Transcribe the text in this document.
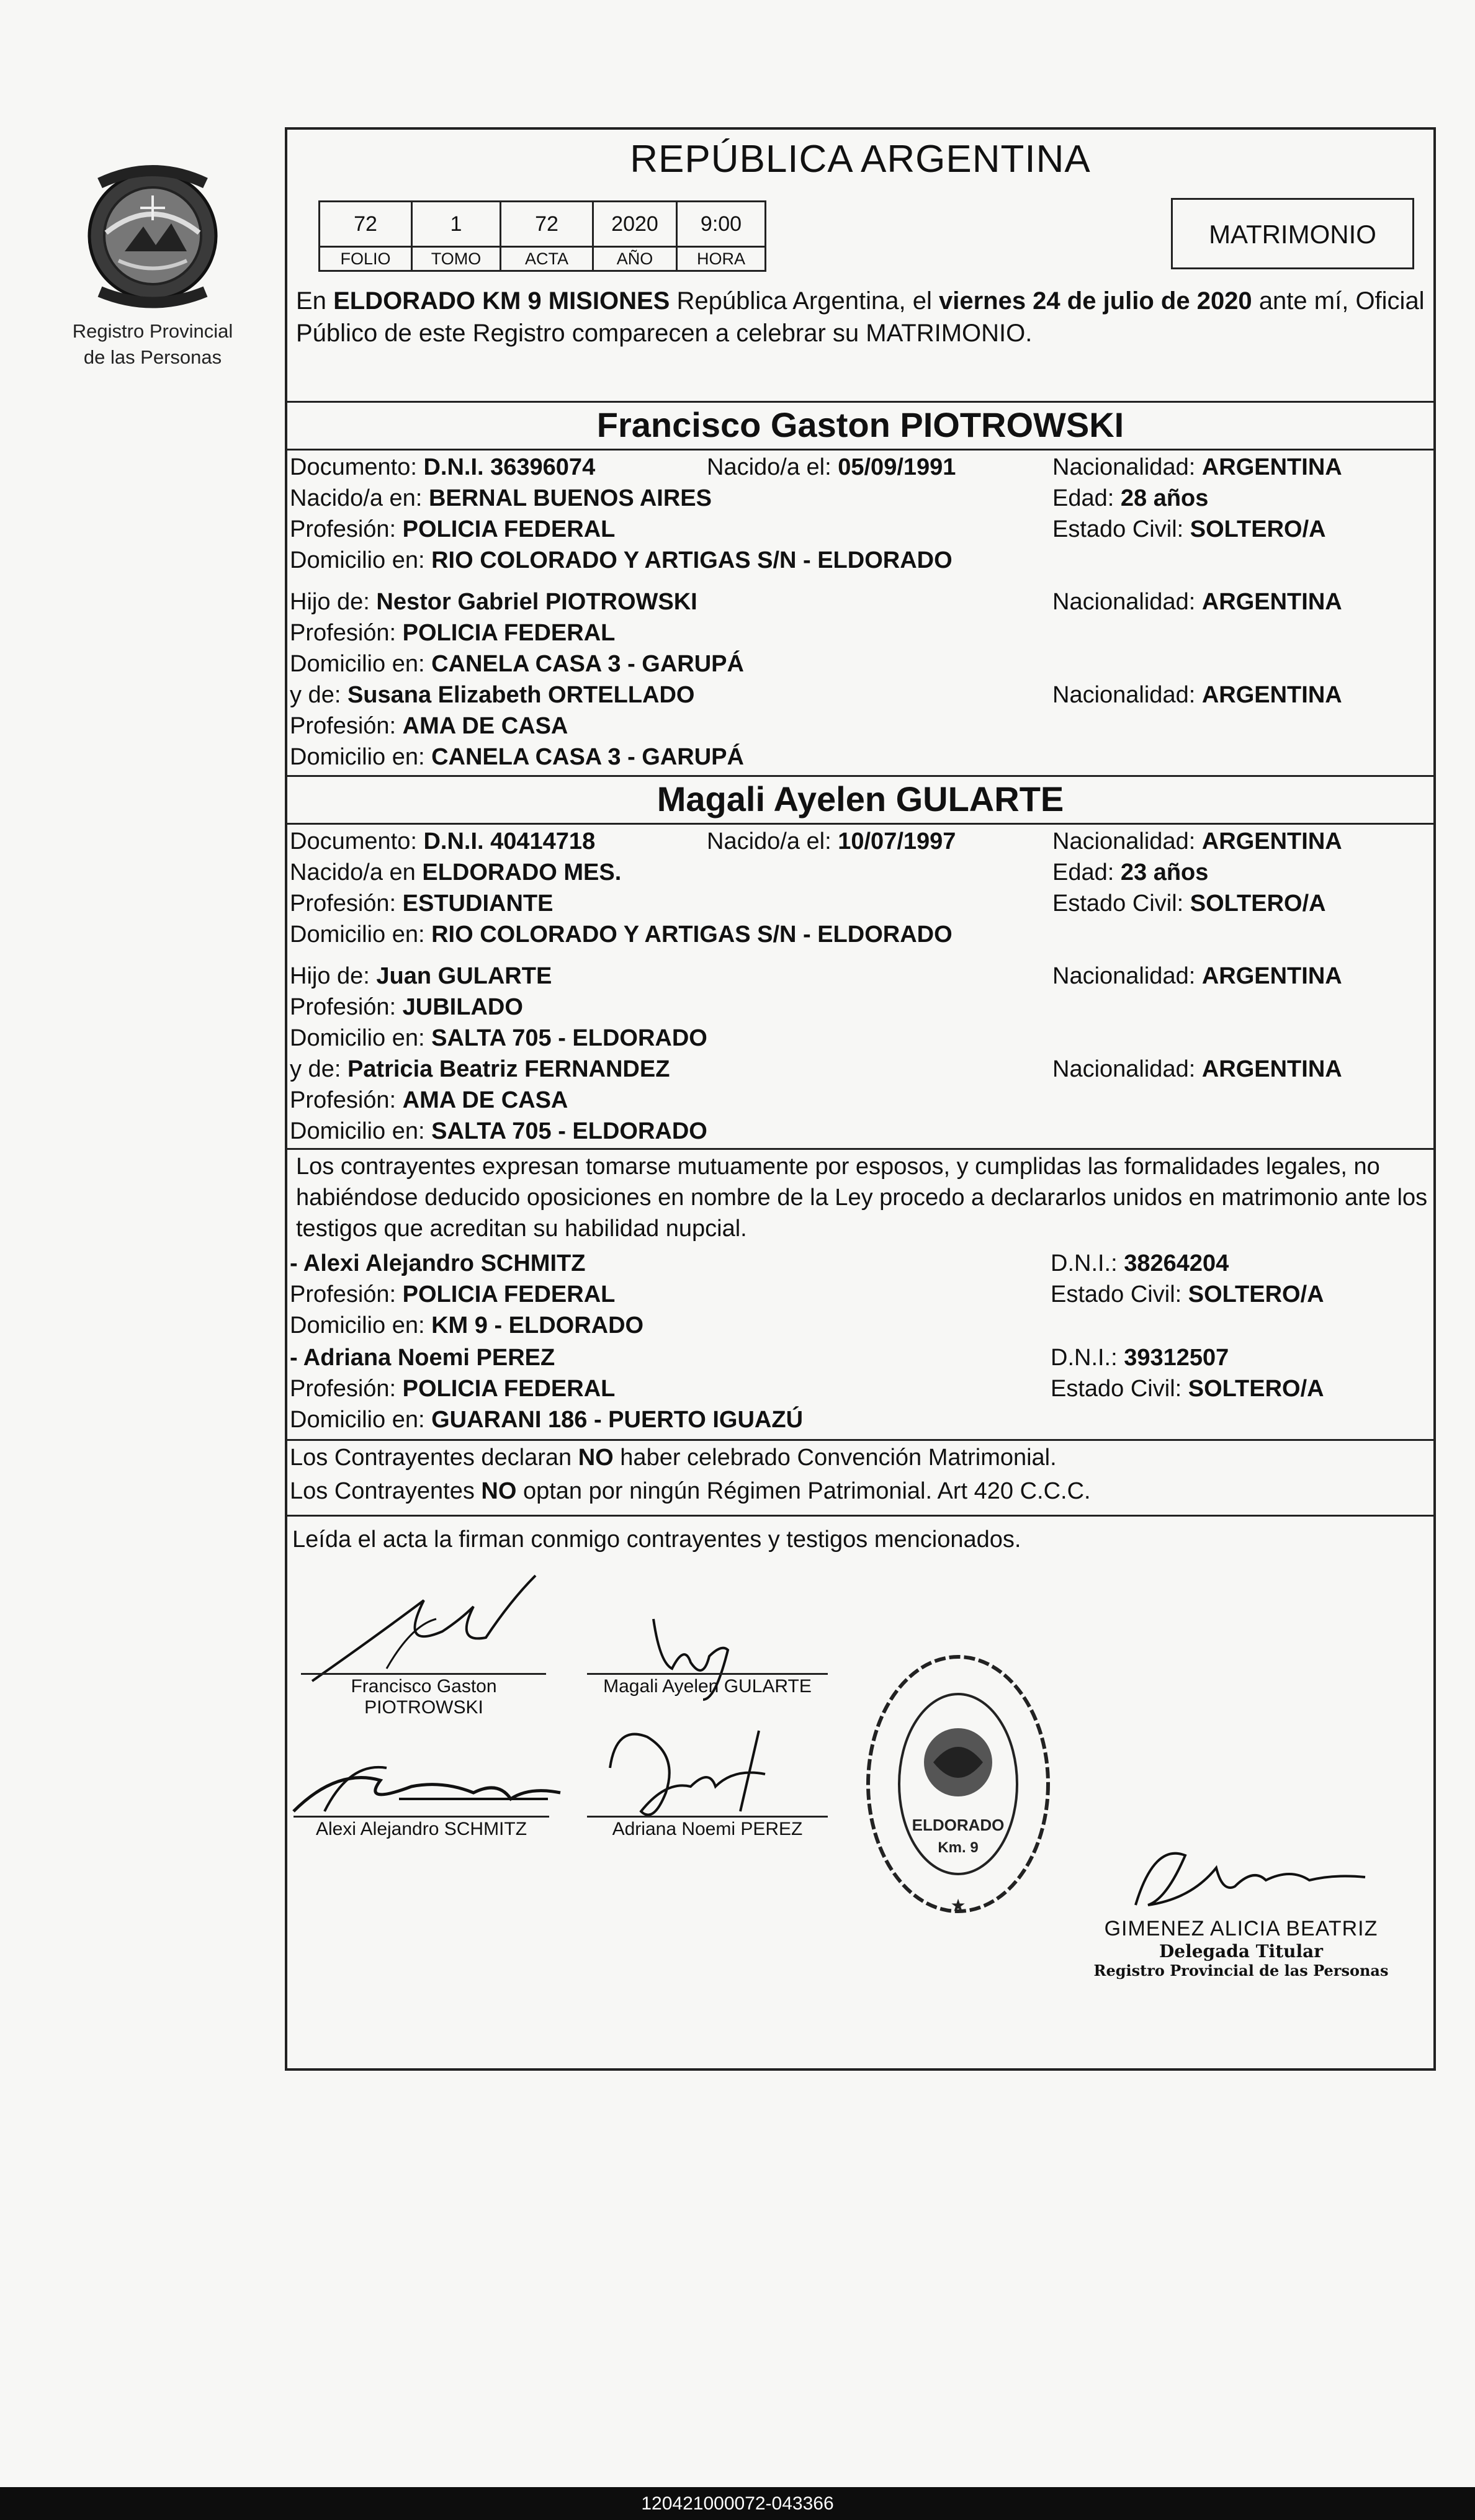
Registro Provincial
de las Personas
REPÚBLICA ARGENTINA
72	1	72	2020	9:00
FOLIO	TOMO	ACTA	AÑO	HORA
MATRIMONIO
En ELDORADO KM 9 MISIONES República Argentina, el viernes 24 de julio de 2020 ante mí, Oficial Público de este Registro comparecen a celebrar su MATRIMONIO.
Francisco Gaston PIOTROWSKI
Documento: D.N.I. 36396074	Nacido/a el: 05/09/1991	Nacionalidad: ARGENTINA
Nacido/a en: BERNAL BUENOS AIRES	Edad: 28 años
Profesión: POLICIA FEDERAL	Estado Civil: SOLTERO/A
Domicilio en: RIO COLORADO Y ARTIGAS S/N - ELDORADO
Hijo de: Nestor Gabriel PIOTROWSKI	Nacionalidad: ARGENTINA
Profesión: POLICIA FEDERAL
Domicilio en: CANELA CASA 3 - GARUPÁ
y de: Susana Elizabeth ORTELLADO	Nacionalidad: ARGENTINA
Profesión: AMA DE CASA
Domicilio en: CANELA CASA 3 - GARUPÁ
Magali Ayelen GULARTE
Documento: D.N.I. 40414718	Nacido/a el: 10/07/1997	Nacionalidad: ARGENTINA
Nacido/a en ELDORADO MES.	Edad: 23 años
Profesión: ESTUDIANTE	Estado Civil: SOLTERO/A
Domicilio en: RIO COLORADO Y ARTIGAS S/N - ELDORADO
Hijo de: Juan GULARTE	Nacionalidad: ARGENTINA
Profesión: JUBILADO
Domicilio en: SALTA 705 - ELDORADO
y de: Patricia Beatriz FERNANDEZ	Nacionalidad: ARGENTINA
Profesión: AMA DE CASA
Domicilio en: SALTA 705 - ELDORADO
Los contrayentes expresan tomarse mutuamente por esposos, y cumplidas las formalidades legales, no habiéndose deducido oposiciones en nombre de la Ley procedo a declararlos unidos en matrimonio ante los testigos que acreditan su habilidad nupcial.
- Alexi Alejandro SCHMITZ	D.N.I.: 38264204
Profesión: POLICIA FEDERAL	Estado Civil: SOLTERO/A
Domicilio en: KM 9 - ELDORADO
- Adriana Noemi PEREZ	D.N.I.: 39312507
Profesión: POLICIA FEDERAL	Estado Civil: SOLTERO/A
Domicilio en: GUARANI 186 - PUERTO IGUAZÚ
Los Contrayentes declaran NO haber celebrado Convención Matrimonial.
Los Contrayentes NO optan por ningún Régimen Patrimonial. Art 420 C.C.C.
Leída el acta la firman conmigo contrayentes y testigos mencionados.
Francisco Gaston
PIOTROWSKI
Magali Ayelen GULARTE
Alexi Alejandro SCHMITZ	Adriana Noemi PEREZ	ELDORADO
Km. 9
★
GIMENEZ ALICIA BEATRIZ
Delegada Titular
Registro Provincial de las Personas
120421000072-043366
